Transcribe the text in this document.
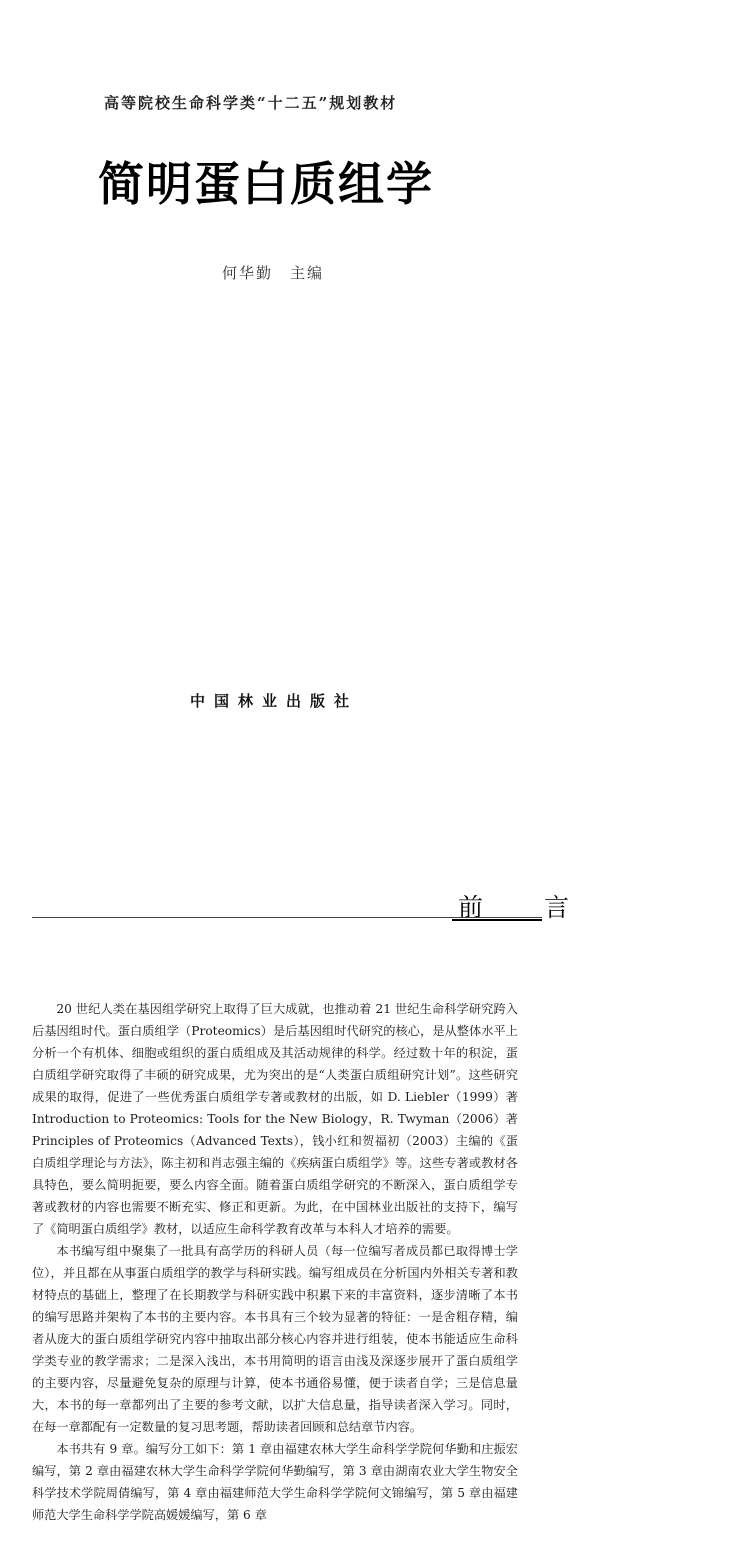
高等院校生命科学类“十二五”规划教材
简明蛋白质组学
何华勤　主编
中国林业出版社
前　言

20 世纪人类在基因组学研究上取得了巨大成就，也推动着 21 世纪生命科学研究跨入后基因组时代。蛋白质组学（Proteomics）是后基因组时代研究的核心，是从整体水平上分析一个有机体、细胞或组织的蛋白质组成及其活动规律的科学。经过数十年的积淀，蛋白质组学研究取得了丰硕的研究成果，尤为突出的是“人类蛋白质组研究计划”。这些研究成果的取得，促进了一些优秀蛋白质组学专著或教材的出版，如 D. Liebler（1999）著 Introduction to Proteomics: Tools for the New Biology，R. Twyman（2006）著 Principles of Proteomics（Advanced Texts），钱小红和贺福初（2003）主编的《蛋白质组学理论与方法》，陈主初和肖志强主编的《疾病蛋白质组学》等。这些专著或教材各具特色，要么简明扼要，要么内容全面。随着蛋白质组学研究的不断深入，蛋白质组学专著或教材的内容也需要不断充实、修正和更新。为此，在中国林业出版社的支持下，编写了《简明蛋白质组学》教材，以适应生命科学教育改革与本科人才培养的需要。

本书编写组中聚集了一批具有高学历的科研人员（每一位编写者成员都已取得博士学位），并且都在从事蛋白质组学的教学与科研实践。编写组成员在分析国内外相关专著和教材特点的基础上，整理了在长期教学与科研实践中积累下来的丰富资料，逐步清晰了本书的编写思路并架构了本书的主要内容。本书具有三个较为显著的特征：一是舍粗存精，编者从庞大的蛋白质组学研究内容中抽取出部分核心内容并进行组装，使本书能适应生命科学类专业的教学需求；二是深入浅出，本书用简明的语言由浅及深逐步展开了蛋白质组学的主要内容，尽量避免复杂的原理与计算，使本书通俗易懂，便于读者自学；三是信息量大，本书的每一章都列出了主要的参考文献，以扩大信息量，指导读者深入学习。同时，在每一章都配有一定数量的复习思考题，帮助读者回顾和总结章节内容。

本书共有 9 章。编写分工如下：第 1 章由福建农林大学生命科学学院何华勤和庄振宏编写，第 2 章由福建农林大学生命科学学院何华勤编写，第 3 章由湖南农业大学生物安全科学技术学院周倩编写，第 4 章由福建师范大学生命科学学院何文锦编写，第 5 章由福建师范大学生命科学学院高媛媛编写，第 6 章
